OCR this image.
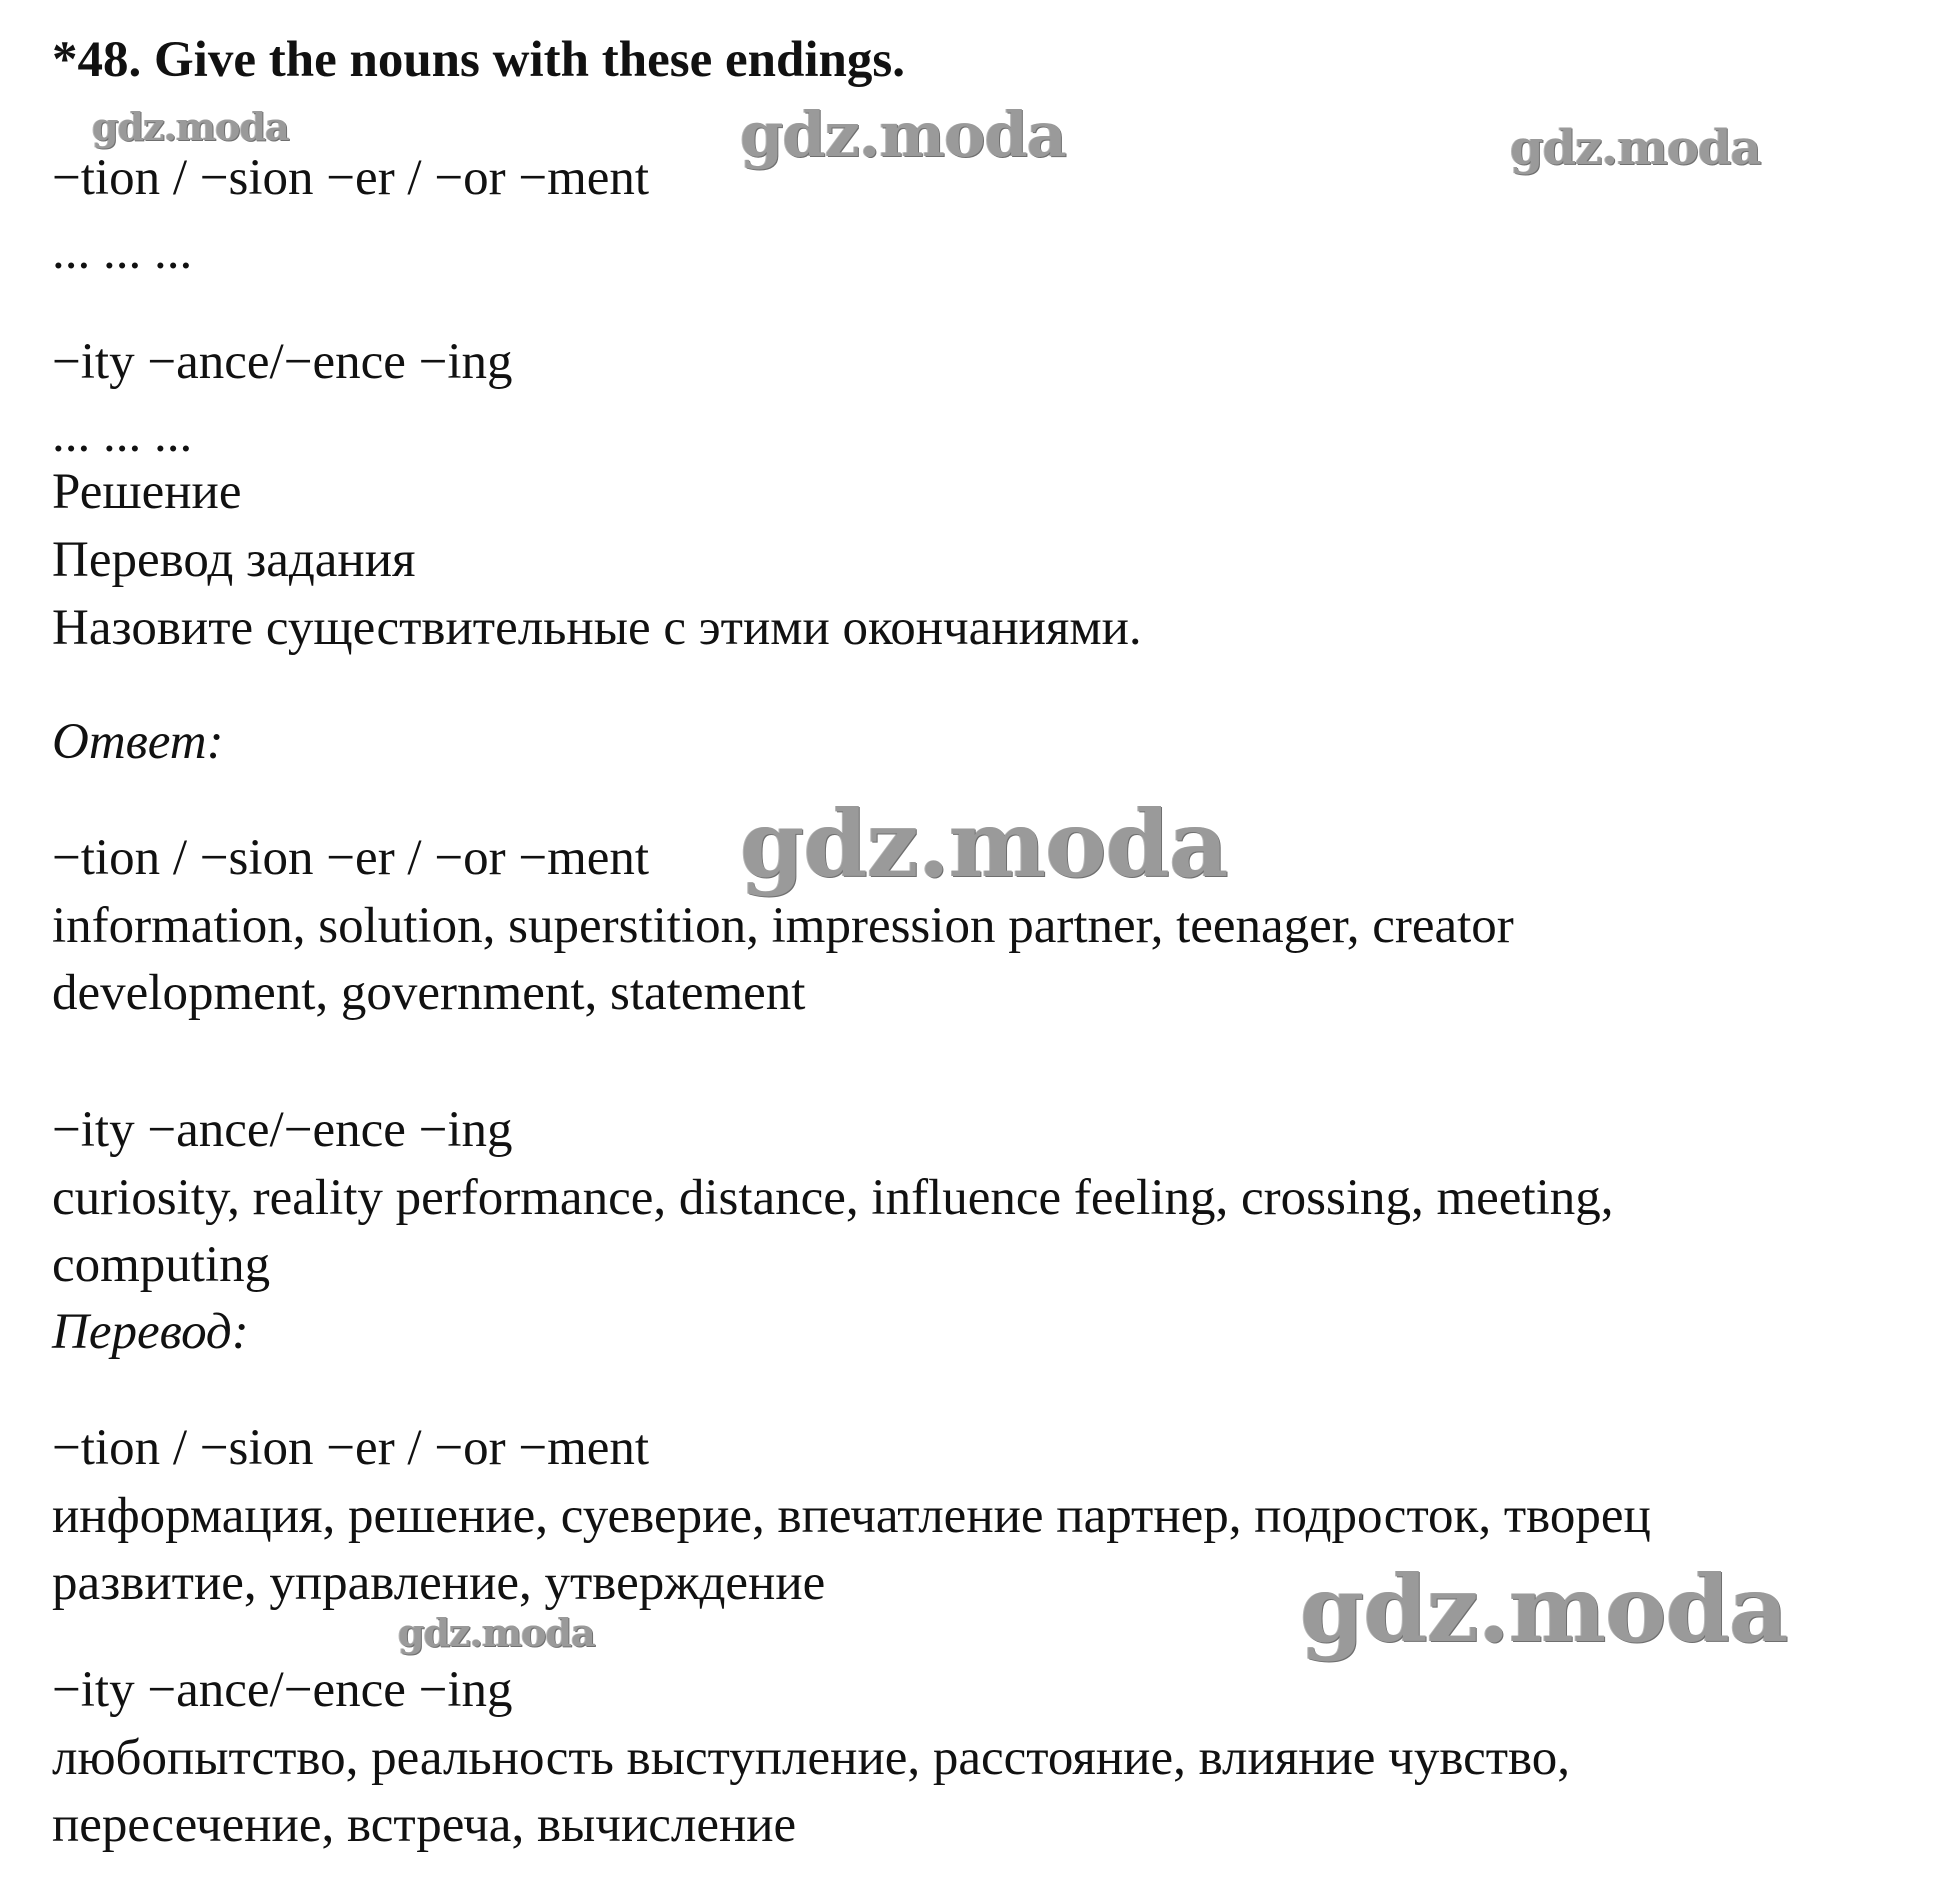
*48. Give the nouns with these endings.
−tion / −sion −er / −or −ment
... ... ...
−ity −ance/−ence −ing
... ... ...
Решение
Перевод задания
Назовите существительные с этими окончаниями.
Ответ:
−tion / −sion −er / −or −ment
information, solution, superstition, impression partner, teenager, creator
development, government, statement
−ity −ance/−ence −ing
curiosity, reality performance, distance, influence feeling, crossing, meeting,
computing
Перевод:
−tion / −sion −er / −or −ment
информация, решение, суеверие, впечатление партнер, подросток, творец
развитие, управление, утверждение
−ity −ance/−ence −ing
любопытство, реальность выступление, расстояние, влияние чувство,
пересечение, встреча, вычисление
gdz.moda	gdz.moda	gdz.moda
gdz.moda
gdz.moda
gdz.moda
